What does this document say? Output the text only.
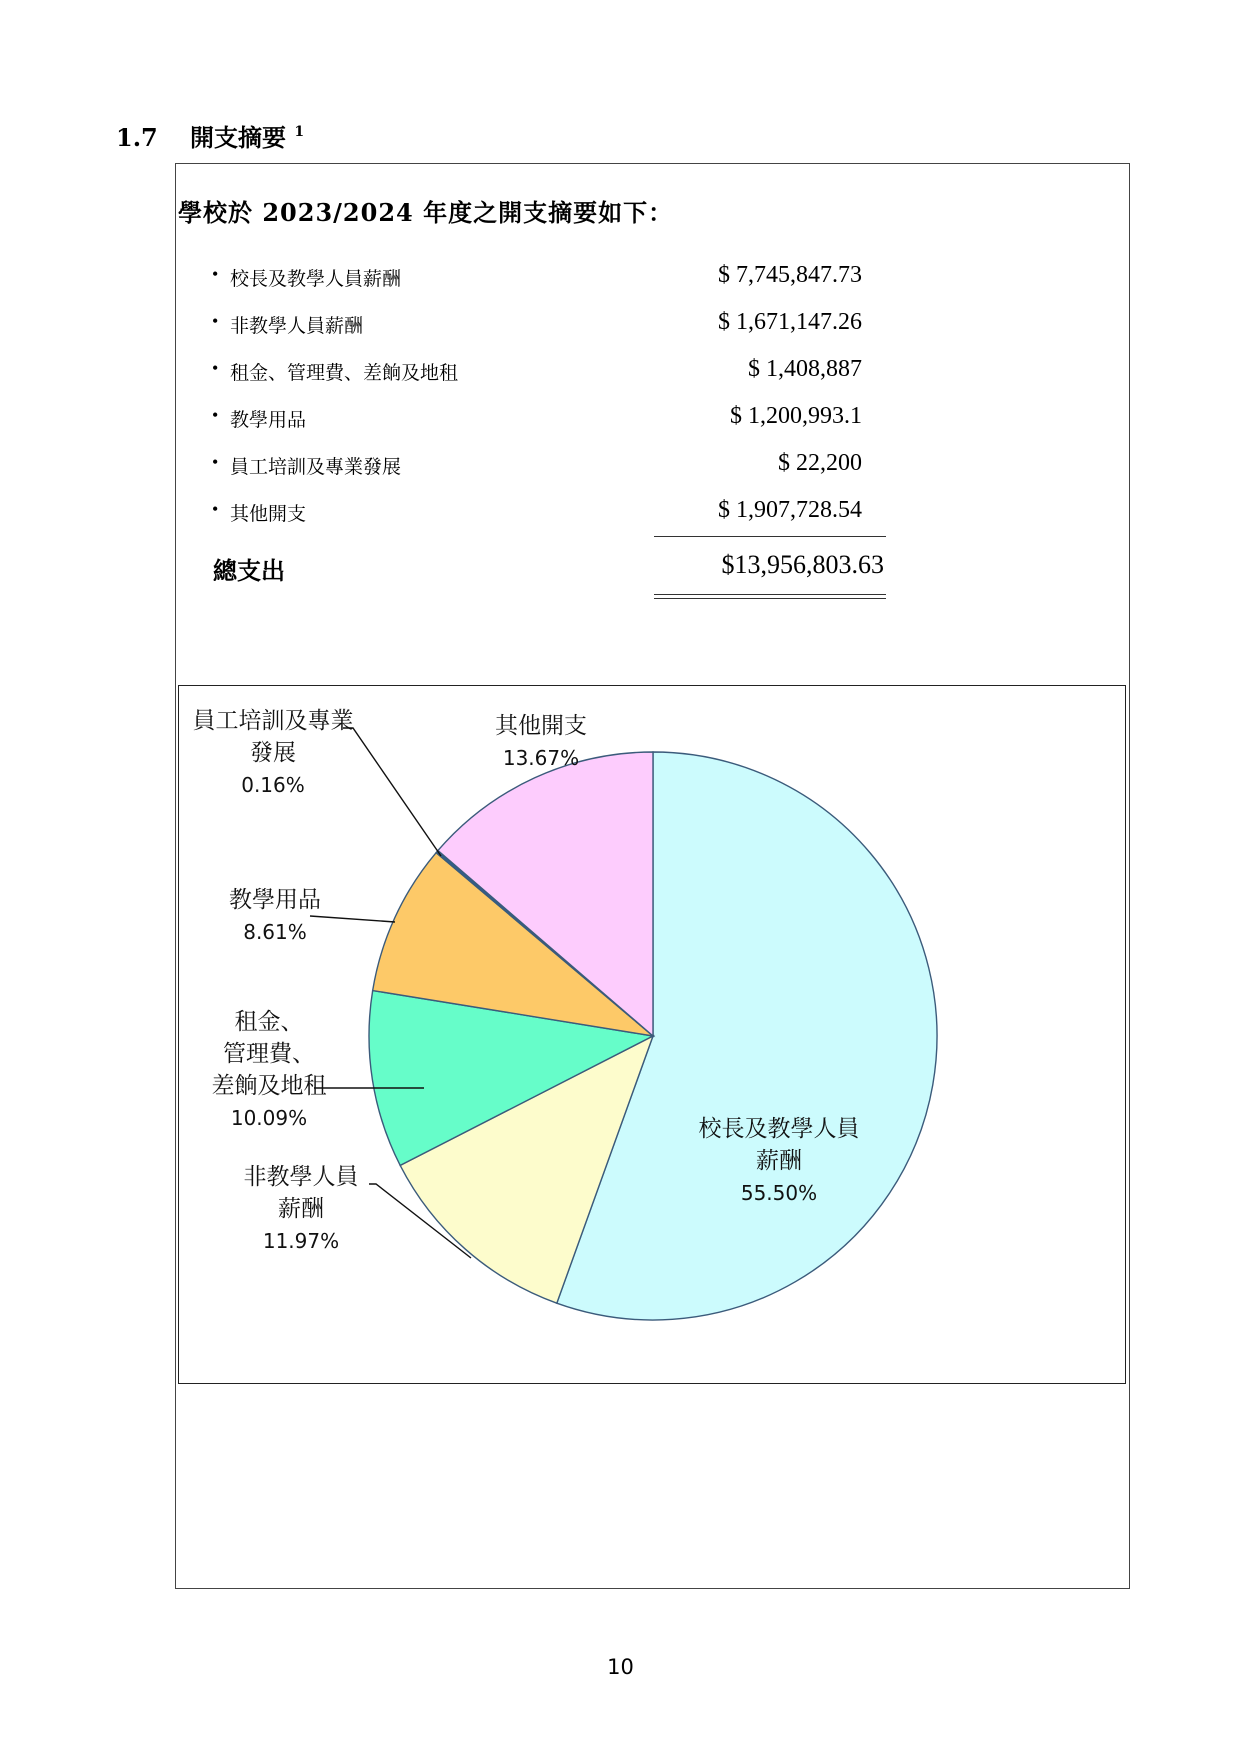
1.7 開支摘要 $^1$
學校於 2023/2024 年度之開支摘要如下：
• 校長及教學人員薪酬	$ 7,745,847.73
• 非教學人員薪酬	$ 1,671,147.26
• 租金、管理費、差餉及地租	$ 1,408,887
• 教學用品	$ 1,200,993.1
• 員工培訓及專業發展	$ 22,200
• 其他開支	$ 1,907,728.54
總支出	$13,956,803.63
校長及教學人員
薪酬
55.50%
非教學人員
薪酬
11.97%
租金、
管理費、
差餉及地租
10.09%
教學用品
8.61%
員工培訓及專業
發展
0.16%
其他開支
13.67%
10
